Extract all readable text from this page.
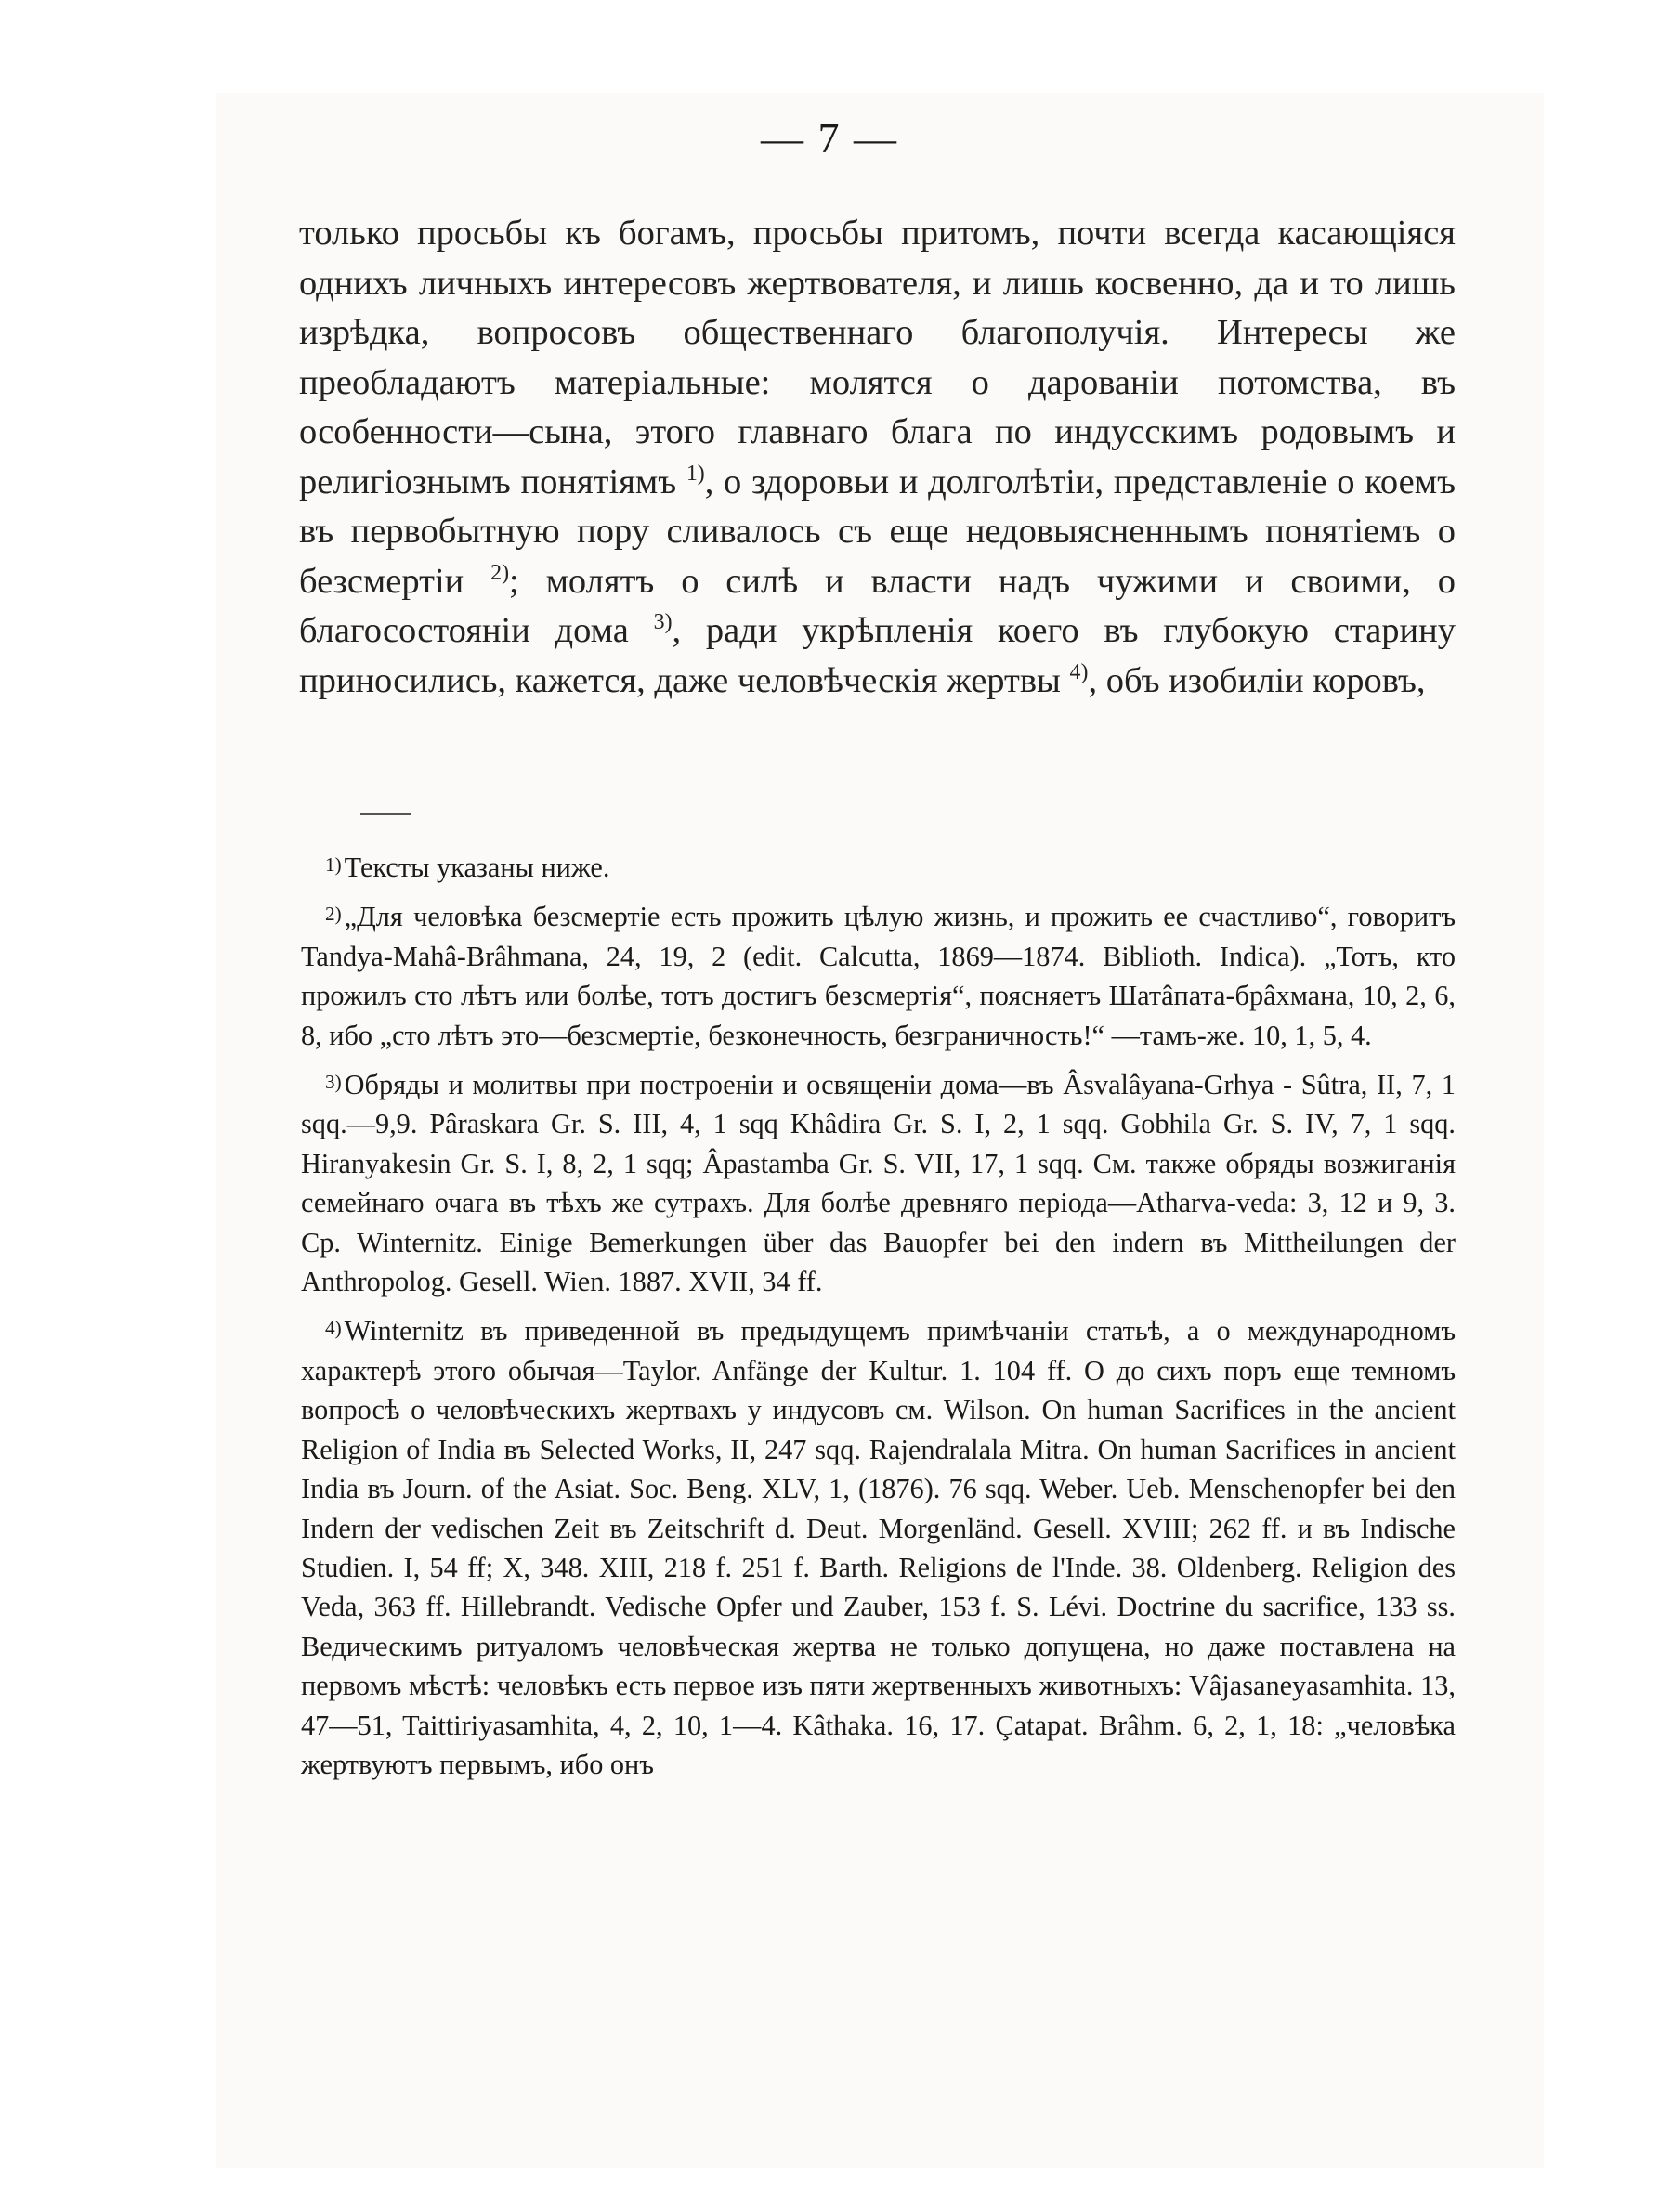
— 7 —
только просьбы къ богамъ, просьбы притомъ, почти всегда касающіяся однихъ личныхъ интересовъ жертвователя, и лишь косвенно, да и то лишь изрѣдка, вопросовъ общественнаго благополучія. Интересы же преобладаютъ матеріальные: молятся о дарованіи потомства, въ особенности—сына, этого главнаго блага по индусскимъ родовымъ и религіознымъ понятіямъ $^{1)}$, о здоровьи и долголѣтіи, представленіе о коемъ въ первобытную пору сливалось съ еще недовыясненнымъ понятіемъ о безсмертіи $^{2)}$; молятъ о силѣ и власти надъ чужими и своими, о благосостояніи дома $^{3)}$, ради укрѣпленія коего въ глубокую старину приносились, кажется, даже человѣческія жертвы $^{4)}$, объ изобиліи коровъ,

1)Тексты указаны ниже.

2)„Для человѣка безсмертіе есть прожить цѣлую жизнь, и прожить ее счастливо“, говоритъ Tandya-Mahâ-Brâhmana, 24, 19, 2 (edit. Calcutta, 1869—1874. Biblioth. Indica). „Тотъ, кто прожилъ сто лѣтъ или болѣе, тотъ достигъ безсмертія“, поясняетъ Шатâпата-брâхмана, 10, 2, 6, 8, ибо „сто лѣтъ это—безсмертіе, безконечность, безграничность!“ —тамъ-же. 10, 1, 5, 4.

3)Обряды и молитвы при построеніи и освященіи дома—въ Âsvalâyana-Grhya - Sûtra, II, 7, 1 sqq.—9,9. Pâraskara Gr. S. III, 4, 1 sqq Khâdira Gr. S. I, 2, 1 sqq. Gobhila Gr. S. IV, 7, 1 sqq. Hiranyakesin Gr. S. I, 8, 2, 1 sqq; Âpastamba Gr. S. VII, 17, 1 sqq. См. также обряды возжиганія семейнаго очага въ тѣхъ же сутрахъ. Для болѣе древняго періода—Atharva-veda: 3, 12 и 9, 3. Cp. Winternitz. Einige Bemerkungen über das Bauopfer bei den indern въ Mittheilungen der Anthropolog. Gesell. Wien. 1887. XVII, 34 ff.

4)Winternitz въ приведенной въ предыдущемъ примѣчаніи статьѣ, а о международномъ характерѣ этого обычая—Taylor. Anfänge der Kultur. 1. 104 ff. О до сихъ поръ еще темномъ вопросѣ о человѣческихъ жертвахъ у индусовъ см. Wilson. On human Sacrifices in the ancient Religion of India въ Selected Works, II, 247 sqq. Rajendralala Mitra. On human Sacrifices in ancient India въ Journ. of the Asiat. Soc. Beng. XLV, 1, (1876). 76 sqq. Weber. Ueb. Menschenopfer bei den Indern der vedischen Zeit въ Zeitschrift d. Deut. Morgenländ. Gesell. XVIII; 262 ff. и въ Indische Studien. I, 54 ff; X, 348. XIII, 218 f. 251 f. Barth. Religions de l'Inde. 38. Oldenberg. Religion des Veda, 363 ff. Hillebrandt. Vedische Opfer und Zauber, 153 f. S. Lévi. Doctrine du sacrifice, 133 ss. Ведическимъ ритуаломъ человѣческая жертва не только допущена, но даже поставлена на первомъ мѣстѣ: человѣкъ есть первое изъ пяти жертвенныхъ животныхъ: Vâjasaneyasamhita. 13, 47—51, Taittiriyasamhita, 4, 2, 10, 1—4. Kâthaka. 16, 17. Çatapat. Brâhm. 6, 2, 1, 18: „человѣка жертвуютъ первымъ, ибо онъ
